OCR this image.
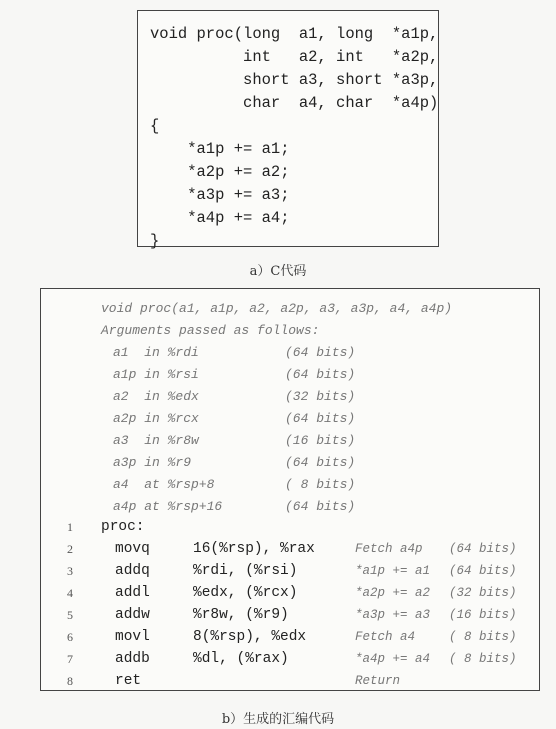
void proc(long  a1, long  *a1p,
int   a2, int   *a2p,
short a3, short *a3p,
char  a4, char  *a4p)
{
*a1p += a1;
*a2p += a2;
*a3p += a3;
*a4p += a4;
}
a）C代码
void proc(a1, a1p, a2, a2p, a3, a3p, a4, a4p)
Arguments passed as follows:
a1  in %rdi	(64 bits)
a1p in %rsi	(64 bits)
a2  in %edx	(32 bits)
a2p in %rcx	(64 bits)
a3  in %r8w	(16 bits)
a3p in %r9	(64 bits)
a4  at %rsp+8	( 8 bits)
a4p at %rsp+16	(64 bits)
1	proc:
2	movq	16(%rsp), %rax	Fetch a4p (64 bits)
3	addq	%rdi, (%rsi)	*a1p += a1 (64 bits)
4	addl	%edx, (%rcx)	*a2p += a2 (32 bits)
5	addw	%r8w, (%r9)	*a3p += a3 (16 bits)
6	movl	8(%rsp), %edx	Fetch a4	( 8 bits)
7	addb	%dl, (%rax)	*a4p += a4 ( 8 bits)
8	ret	Return
b）生成的汇编代码
